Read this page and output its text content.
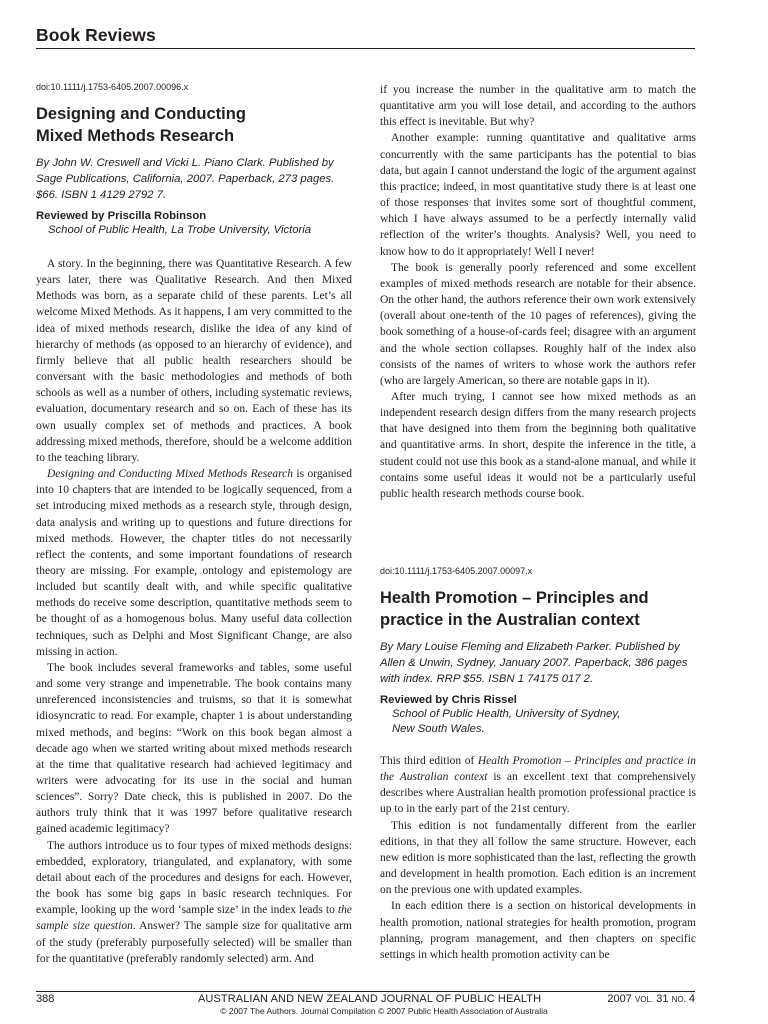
Book Reviews

doi:10.1111/j.1753-6405.2007.00096.x

Designing and Conducting
Mixed Methods Research

By John W. Creswell and Vicki L. Piano Clark. Published by Sage Publications, California, 2007. Paperback, 273 pages. $66. ISBN 1 4129 2792 7.

Reviewed by Priscilla Robinson

School of Public Health, La Trobe University, Victoria

A story. In the beginning, there was Quantitative Research. A few years later, there was Qualitative Research. And then Mixed Methods was born, as a separate child of these parents. Let’s all welcome Mixed Methods. As it happens, I am very committed to the idea of mixed methods research, dislike the idea of any kind of hierarchy of methods (as opposed to an hierarchy of evidence), and firmly believe that all public health researchers should be conversant with the basic methodologies and methods of both schools as well as a number of others, including systematic reviews, evaluation, documentary research and so on. Each of these has its own usually complex set of methods and practices. A book addressing mixed methods, therefore, should be a welcome addition to the teaching library.

Designing and Conducting Mixed Methods Research is organised into 10 chapters that are intended to be logically sequenced, from a set introducing mixed methods as a research style, through design, data analysis and writing up to questions and future directions for mixed methods. However, the chapter titles do not necessarily reflect the contents, and some important foundations of research theory are missing. For example, ontology and epistemology are included but scantily dealt with, and while specific qualitative methods do receive some description, quantitative methods seem to be thought of as a homogenous bolus. Many useful data collection techniques, such as Delphi and Most Significant Change, are also missing in action.

The book includes several frameworks and tables, some useful and some very strange and impenetrable. The book contains many unreferenced inconsistencies and truisms, so that it is somewhat idiosyncratic to read. For example, chapter 1 is about understanding mixed methods, and begins: “Work on this book began almost a decade ago when we started writing about mixed methods research at the time that qualitative research had achieved legitimacy and writers were advocating for its use in the social and human sciences”. Sorry? Date check, this is published in 2007. Do the authors truly think that it was 1997 before qualitative research gained academic legitimacy?

The authors introduce us to four types of mixed methods designs: embedded, exploratory, triangulated, and explanatory, with some detail about each of the procedures and designs for each. However, the book has some big gaps in basic research techniques. For example, looking up the word ‘sample size’ in the index leads to the sample size question. Answer? The sample size for qualitative arm of the study (preferably purposefully selected) will be smaller than for the quantitative (preferably randomly selected) arm. And

if you increase the number in the qualitative arm to match the quantitative arm you will lose detail, and according to the authors this effect is inevitable. But why?

Another example: running quantitative and qualitative arms concurrently with the same participants has the potential to bias data, but again I cannot understand the logic of the argument against this practice; indeed, in most quantitative study there is at least one of those responses that invites some sort of thoughtful comment, which I have always assumed to be a perfectly internally valid reflection of the writer’s thoughts. Analysis? Well, you need to know how to do it appropriately! Well I never!

The book is generally poorly referenced and some excellent examples of mixed methods research are notable for their absence. On the other hand, the authors reference their own work extensively (overall about one-tenth of the 10 pages of references), giving the book something of a house-of-cards feel; disagree with an argument and the whole section collapses. Roughly half of the index also consists of the names of writers to whose work the authors refer (who are largely American, so there are notable gaps in it).

After much trying, I cannot see how mixed methods as an independent research design differs from the many research projects that have designed into them from the beginning both qualitative and quantitative arms. In short, despite the inference in the title, a student could not use this book as a stand-alone manual, and while it contains some useful ideas it would not be a particularly useful public health research methods course book.

doi:10.1111/j.1753-6405.2007.00097.x

Health Promotion – Principles and
practice in the Australian context

By Mary Louise Fleming and Elizabeth Parker. Published by Allen & Unwin, Sydney, January 2007. Paperback, 386 pages with index. RRP $55. ISBN 1 74175 017 2.

Reviewed by Chris Rissel

School of Public Health, University of Sydney,
New South Wales.

This third edition of Health Promotion – Principles and practice in the Australian context is an excellent text that comprehensively describes where Australian health promotion professional practice is up to in the early part of the 21st century.

This edition is not fundamentally different from the earlier editions, in that they all follow the same structure. However, each new edition is more sophisticated than the last, reflecting the growth and development in health promotion. Each edition is an increment on the previous one with updated examples.

In each edition there is a section on historical developments in health promotion, national strategies for health promotion, program planning, program management, and then chapters on specific settings in which health promotion activity can be

388	AUSTRALIAN AND NEW ZEALAND JOURNAL OF PUBLIC HEALTH	2007 VOL. 31 NO. 4
© 2007 The Authors. Journal Compilation © 2007 Public Health Association of Australia
